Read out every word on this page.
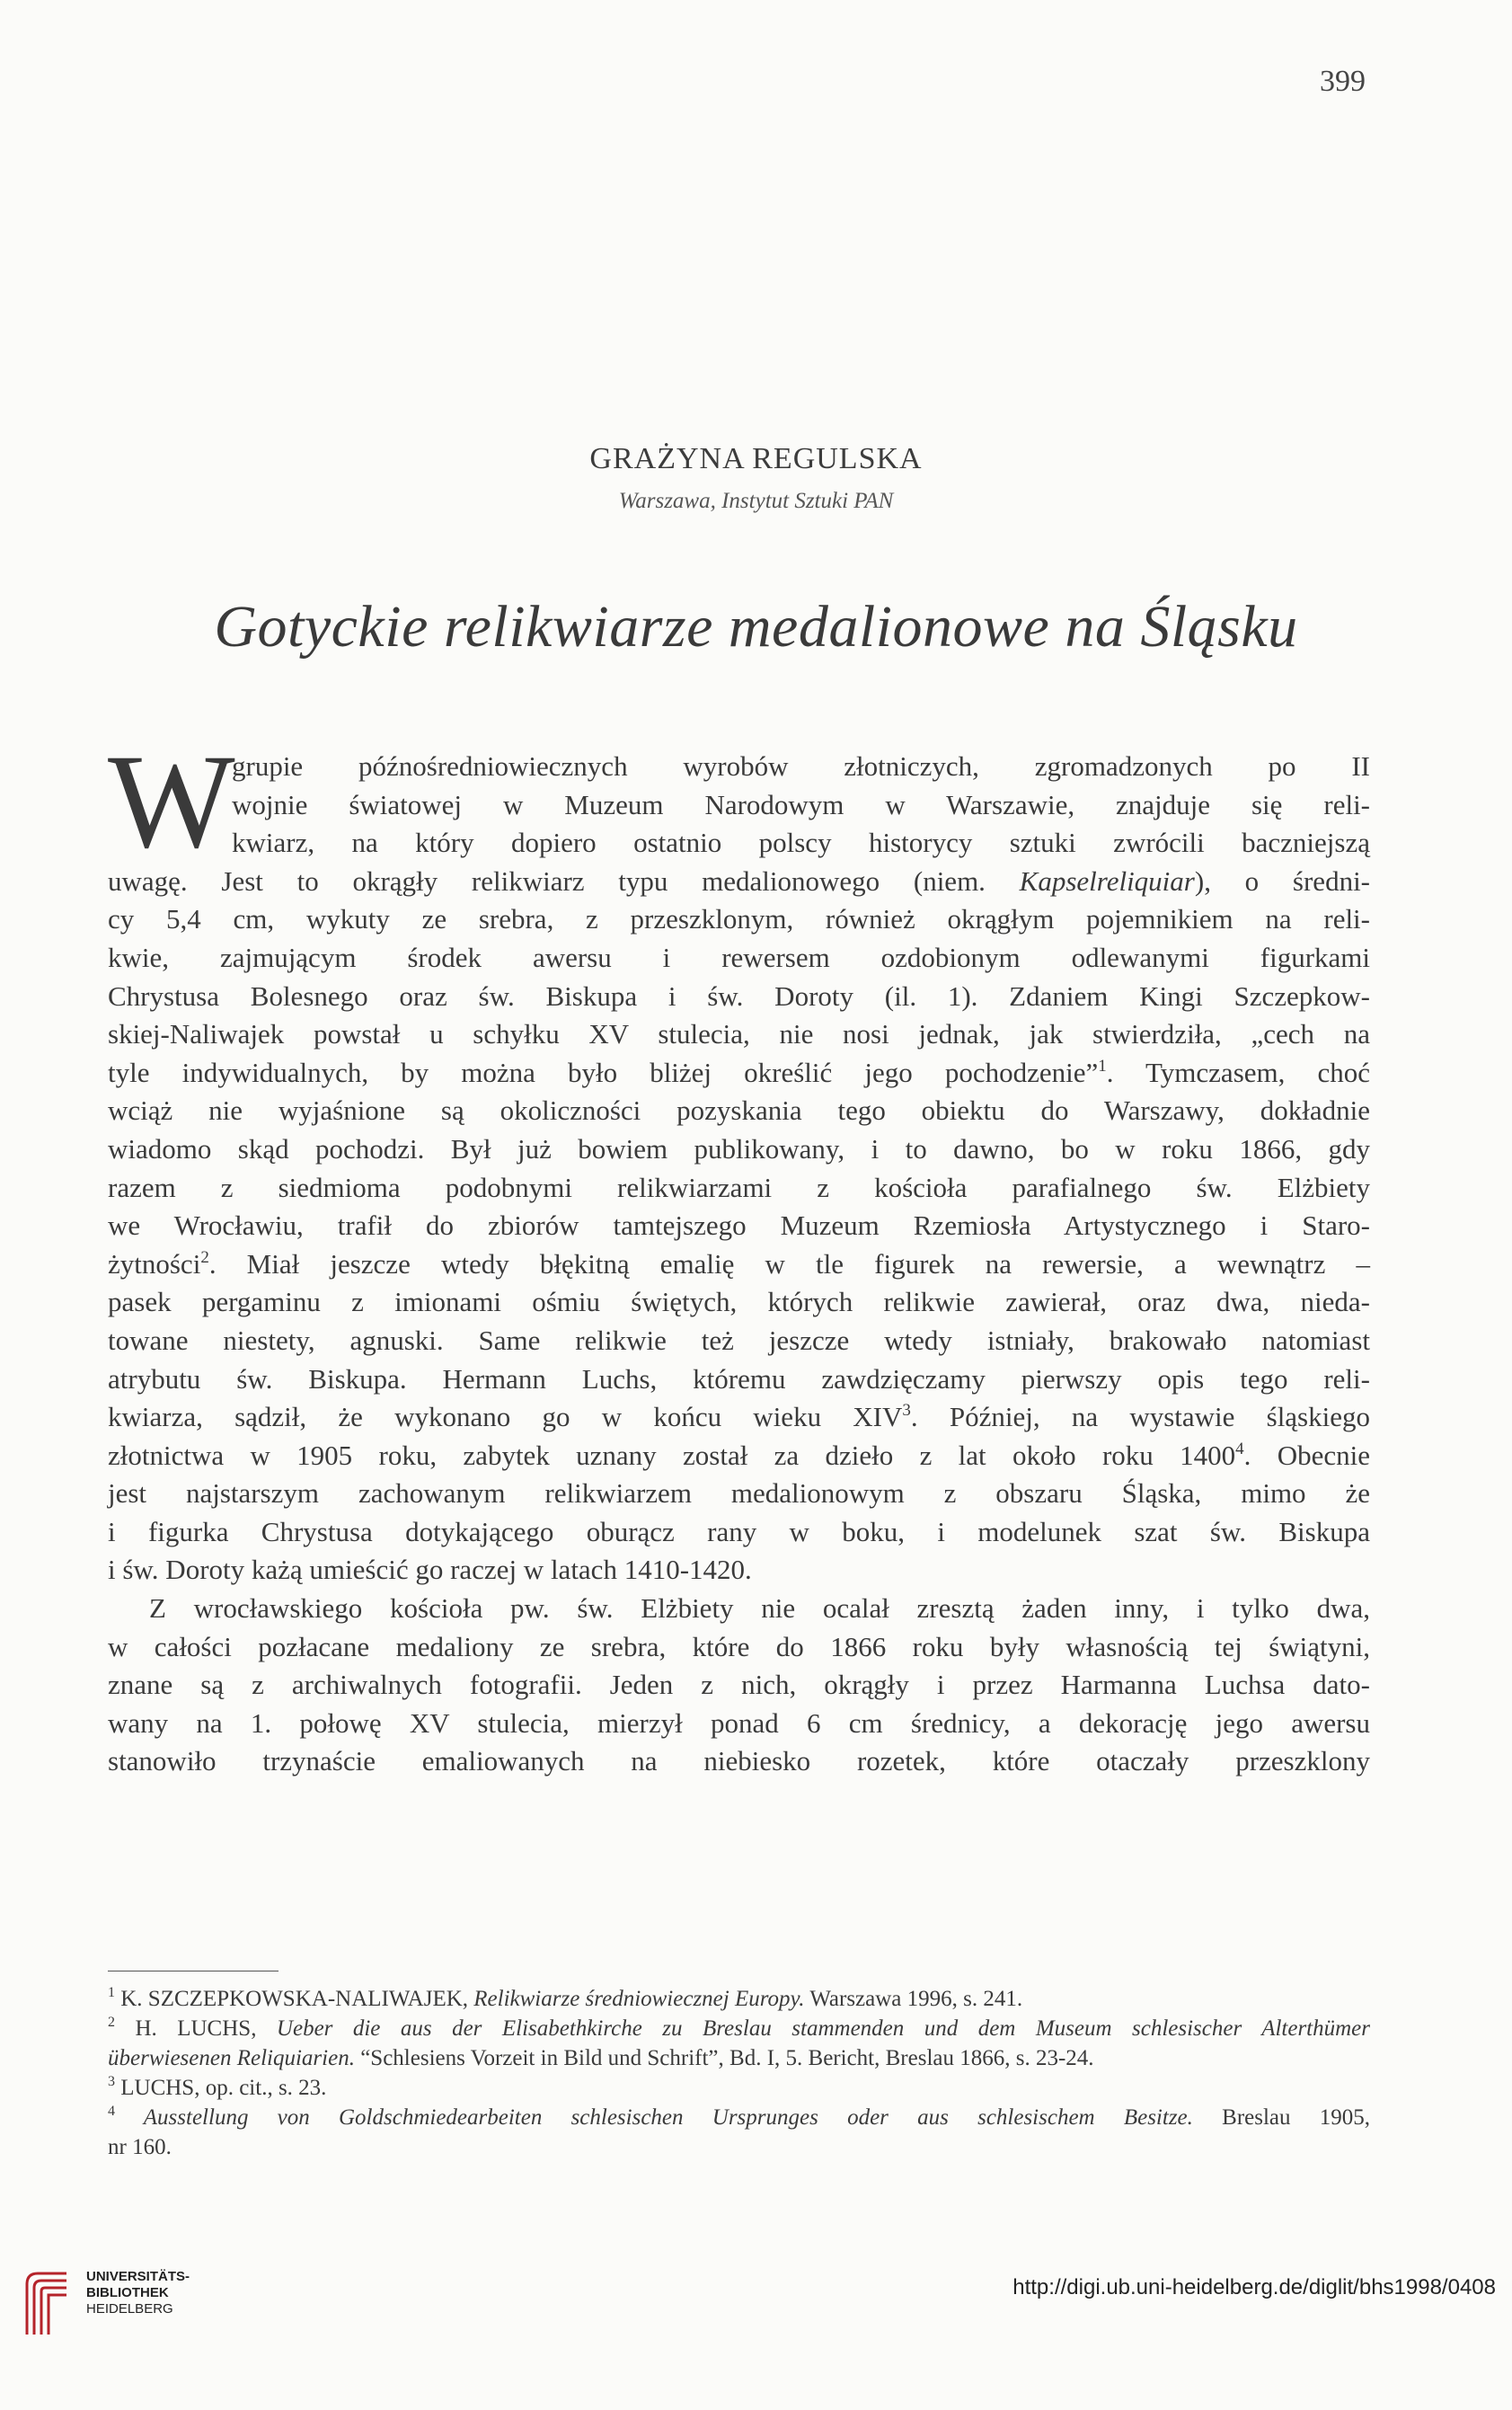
399
GRAŻYNA REGULSKA
Warszawa, Instytut Sztuki PAN
Gotyckie relikwiarze medalionowe na Śląsku
W
grupie późnośredniowiecznych wyrobów złotniczych, zgromadzonych po II
wojnie światowej w Muzeum Narodowym w Warszawie, znajduje się reli-
kwiarz, na który dopiero ostatnio polscy historycy sztuki zwrócili baczniejszą
uwagę. Jest to okrągły relikwiarz typu medalionowego (niem. Kapselreliquiar), o średni-
cy 5,4 cm, wykuty ze srebra, z przeszklonym, również okrągłym pojemnikiem na reli-
kwie, zajmującym środek awersu i rewersem ozdobionym odlewanymi figurkami
Chrystusa Bolesnego oraz św. Biskupa i św. Doroty (il. 1). Zdaniem Kingi Szczepkow-
skiej-Naliwajek powstał u schyłku XV stulecia, nie nosi jednak, jak stwierdziła, „cech na
tyle indywidualnych, by można było bliżej określić jego pochodzenie”$^1$. Tymczasem, choć
wciąż nie wyjaśnione są okoliczności pozyskania tego obiektu do Warszawy, dokładnie
wiadomo skąd pochodzi. Był już bowiem publikowany, i to dawno, bo w roku 1866, gdy
razem z siedmioma podobnymi relikwiarzami z kościoła parafialnego św. Elżbiety
we Wrocławiu, trafił do zbiorów tamtejszego Muzeum Rzemiosła Artystycznego i Staro-
żytności$^2$. Miał jeszcze wtedy błękitną emalię w tle figurek na rewersie, a wewnątrz –
pasek pergaminu z imionami ośmiu świętych, których relikwie zawierał, oraz dwa, nieda-
towane niestety, agnuski. Same relikwie też jeszcze wtedy istniały, brakowało natomiast
atrybutu św. Biskupa. Hermann Luchs, któremu zawdzięczamy pierwszy opis tego reli-
kwiarza, sądził, że wykonano go w końcu wieku XIV$^3$. Później, na wystawie śląskiego
złotnictwa w 1905 roku, zabytek uznany został za dzieło z lat około roku 1400$^4$. Obecnie
jest najstarszym zachowanym relikwiarzem medalionowym z obszaru Śląska, mimo że
i figurka Chrystusa dotykającego oburącz rany w boku, i modelunek szat św. Biskupa
i św. Doroty każą umieścić go raczej w latach 1410-1420.
Z wrocławskiego kościoła pw. św. Elżbiety nie ocalał zresztą żaden inny, i tylko dwa,
w całości pozłacane medaliony ze srebra, które do 1866 roku były własnością tej świątyni,
znane są z archiwalnych fotografii. Jeden z nich, okrągły i przez Harmanna Luchsa dato-
wany na 1. połowę XV stulecia, mierzył ponad 6 cm średnicy, a dekorację jego awersu
stanowiło trzynaście emaliowanych na niebiesko rozetek, które otaczały przeszklony
$^1$ K. SZCZEPKOWSKA-NALIWAJEK, Relikwiarze średniowiecznej Europy. Warszawa 1996, s. 241.
$^2$ H. LUCHS, Ueber die aus der Elisabethkirche zu Breslau stammenden und dem Museum schlesischer Alterthümer
überwiesenen Reliquiarien. “Schlesiens Vorzeit in Bild und Schrift”, Bd. I, 5. Bericht, Breslau 1866, s. 23-24.
$^3$ LUCHS, op. cit., s. 23.
$^4$ Ausstellung von Goldschmiedearbeiten schlesischen Ursprunges oder aus schlesischem Besitze. Breslau 1905,
nr 160.
UNIVERSITÄTS-
BIBLIOTHEK
HEIDELBERG
http://digi.ub.uni-heidelberg.de/diglit/bhs1998/0408
